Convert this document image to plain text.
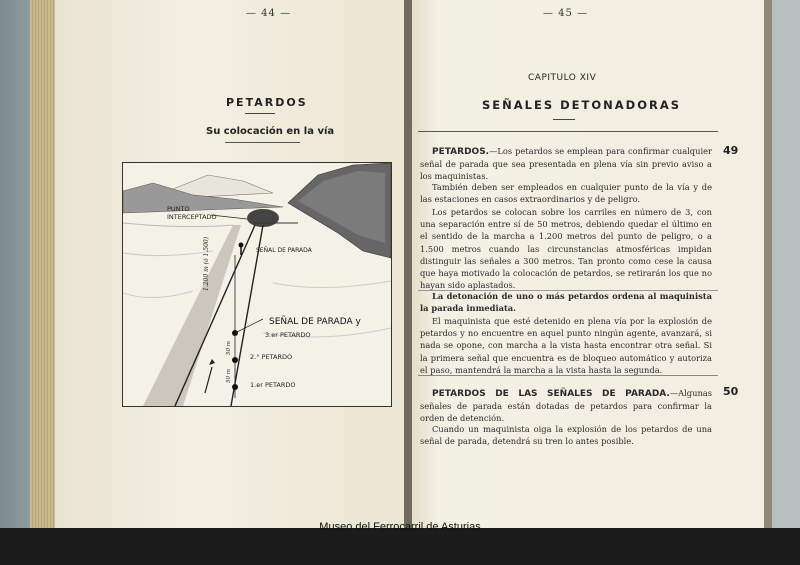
— 44 —
PETARDOS
Su colocación en la vía
PUNTO
INTERCEPTADO
SEÑAL DE PARADA
SEÑAL DE PARADA y
3.er PETARDO
2.° PETARDO
1.er PETARDO
1.200 m (ó 1.500)
50 m
50 m
— 45 —
CAPITULO XIV
SEÑALES DETONADORAS
49
50
PETARDOS.—Los petardos se emplean para confirmar cualquier señal de parada que sea presentada en plena vía sin previo aviso a los maquinistas.
También deben ser empleados en cualquier punto de la vía y de las estaciones en casos extraordinarios y de peligro.
Los petardos se colocan sobre los carriles en número de 3, con una separación entre sí de 50 metros, debiendo quedar el último en el sentido de la marcha a 1.200 metros del punto de peligro, o a 1.500 metros cuando las circunstancias atmosféricas impidan distinguir las señales a 300 metros. Tan pronto como cese la causa que haya motivado la colocación de petardos, se retirarán los que no hayan sido aplastados.
La detonación de uno o más petardos ordena al maquinista la parada inmediata.
El maquinista que esté detenido en plena vía por la explosión de petardos y no encuentre en aquel punto ningún agente, avanzará, si nada se opone, con marcha a la vista hasta encontrar otra señal. Si la primera señal que encuentra es de bloqueo automático y autoriza el paso, mantendrá la marcha a la vista hasta la segunda.
PETARDOS DE LAS SEÑALES DE PARADA.—Algunas señales de parada están dotadas de petardos para confirmar la orden de detención.
Cuando un maquinista oiga la explosión de los petardos de una señal de parada, detendrá su tren lo antes posible.
Museo del Ferrocarril de Asturias
